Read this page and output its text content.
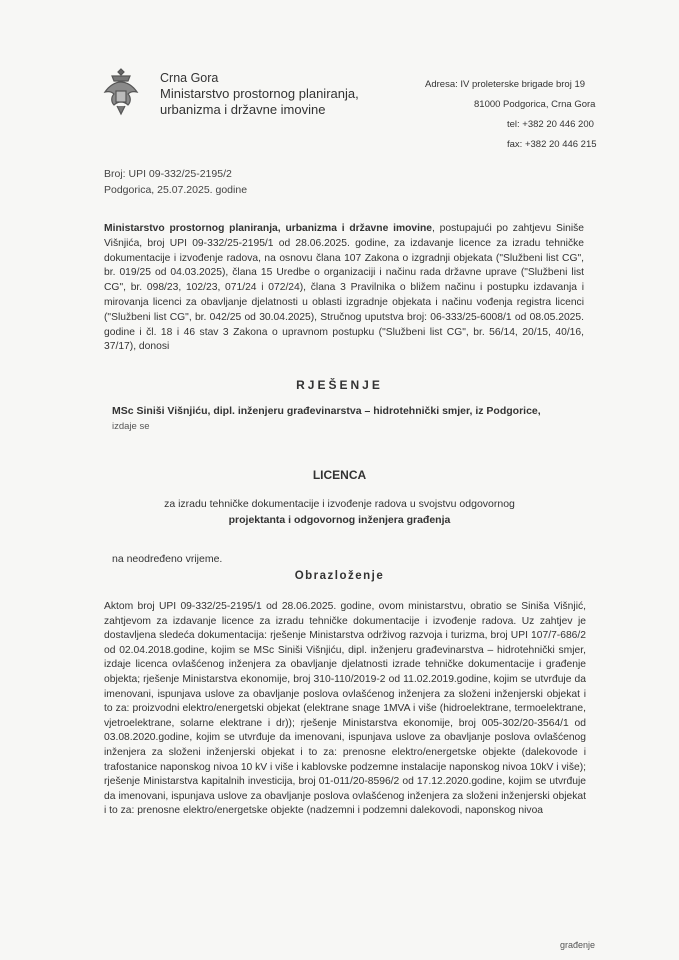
Crna Gora
Ministarstvo prostornog planiranja,
urbanizma i državne imovine
Adresa: IV proleterske brigade broj 19
81000 Podgorica, Crna Gora
tel: +382 20 446 200
fax: +382 20 446 215
Broj: UPI 09-332/25-2195/2
Podgorica, 25.07.2025. godine
Ministarstvo prostornog planiranja, urbanizma i državne imovine, postupajući po zahtjevu Siniše Višnjića, broj UPI 09-332/25-2195/1 od 28.06.2025. godine, za izdavanje licence za izradu tehničke dokumentacije i izvođenje radova, na osnovu člana 107 Zakona o izgradnji objekata ("Službeni list CG", br. 019/25 od 04.03.2025), člana 15 Uredbe o organizaciji i načinu rada državne uprave ("Službeni list CG", br. 098/23, 102/23, 071/24 i 072/24), člana 3 Pravilnika o bližem načinu i postupku izdavanja i mirovanja licenci za obavljanje djelatnosti u oblasti izgradnje objekata i načinu vođenja registra licenci ("Službeni list CG", br. 042/25 od 30.04.2025), Stručnog uputstva broj: 06-333/25-6008/1 od 08.05.2025. godine i čl. 18 i 46 stav 3 Zakona o upravnom postupku ("Službeni list CG", br. 56/14, 20/15, 40/16, 37/17), donosi
RJEŠENJE
MSc Siniši Višnjiću, dipl. inženjeru građevinarstva – hidrotehnički smjer, iz Podgorice,
izdaje se
LICENCA
za izradu tehničke dokumentacije i izvođenje radova u svojstvu odgovornog
projektanta i odgovornog inženjera građenja
na neodređeno vrijeme.
Obrazloženje
Aktom broj UPI 09-332/25-2195/1 od 28.06.2025. godine, ovom ministarstvu, obratio se Siniša Višnjić, zahtjevom za izdavanje licence za izradu tehničke dokumentacije i izvođenje radova. Uz zahtjev je dostavljena sledeća dokumentacija: rješenje Ministarstva održivog razvoja i turizma, broj UPI 107/7-686/2 od 02.04.2018.godine, kojim se MSc Siniši Višnjiću, dipl. inženjeru građevinarstva – hidrotehnički smjer, izdaje licenca ovlašćenog inženjera za obavljanje djelatnosti izrade tehničke dokumentacije i građenje objekta; rješenje Ministarstva ekonomije, broj 310-110/2019-2 od 11.02.2019.godine, kojim se utvrđuje da imenovani, ispunjava uslove za obavljanje poslova ovlašćenog inženjera za složeni inženjerski objekat i to za: proizvodni elektro/energetski objekat (elektrane snage 1MVA i više (hidroelektrane, termoelektrane, vjetroelektrane, solarne elektrane i dr)); rješenje Ministarstva ekonomije, broj 005-302/20-3564/1 od 03.08.2020.godine, kojim se utvrđuje da imenovani, ispunjava uslove za obavljanje poslova ovlašćenog inženjera za složeni inženjerski objekat i to za: prenosne elektro/energetske objekte (dalekovode i trafostanice naponskog nivoa 10 kV i više i kablovske podzemne instalacije naponskog nivoa 10kV i više); rješenje Ministarstva kapitalnih investicija, broj 01-011/20-8596/2 od 17.12.2020.godine, kojim se utvrđuje da imenovani, ispunjava uslove za obavljanje poslova ovlašćenog inženjera za složeni inženjerski objekat i to za: prenosne elektro/energetske objekte (nadzemni i podzemni dalekovodi, naponskog nivoa
građenje
